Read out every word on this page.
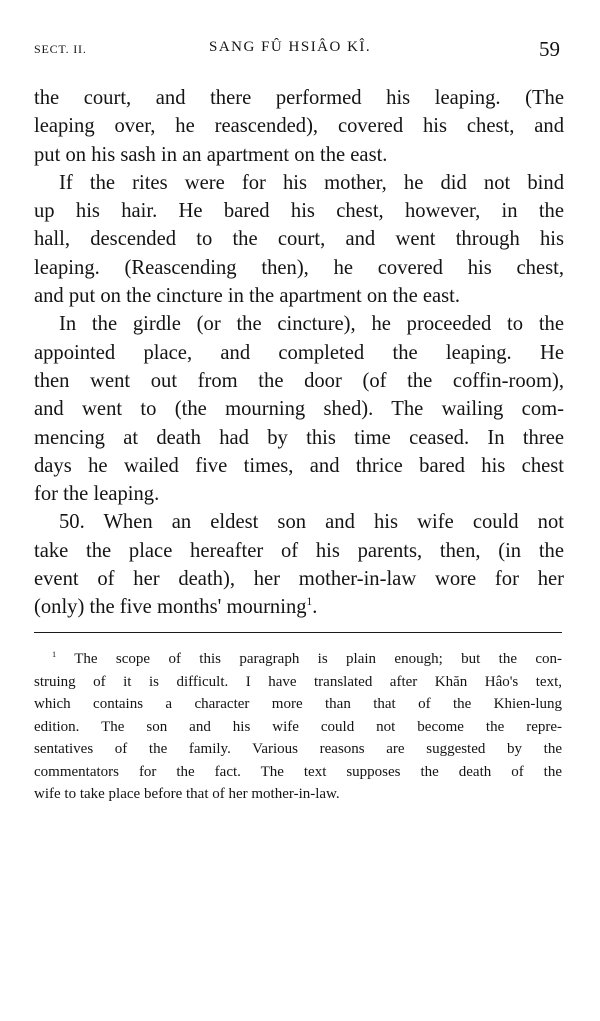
SECT. II.	SANG FÛ HSIÂO KÎ.	59
the court, and there performed his leaping. (The
leaping over, he reascended), covered his chest, and
put on his sash in an apartment on the east.
If the rites were for his mother, he did not bind
up his hair. He bared his chest, however, in the
hall, descended to the court, and went through his
leaping. (Reascending then), he covered his chest,
and put on the cincture in the apartment on the east.
In the girdle (or the cincture), he proceeded to the
appointed place, and completed the leaping. He
then went out from the door (of the coffin-room),
and went to (the mourning shed). The wailing com-
mencing at death had by this time ceased. In three
days he wailed five times, and thrice bared his chest
for the leaping.
50. When an eldest son and his wife could not
take the place hereafter of his parents, then, (in the
event of her death), her mother-in-law wore for her
(only) the five months' mourning$^1$.
$^1$ The scope of this paragraph is plain enough; but the con-
struing of it is difficult. I have translated after Khăn Hâo's text,
which contains a character more than that of the Khien-lung
edition. The son and his wife could not become the repre-
sentatives of the family. Various reasons are suggested by the
commentators for the fact. The text supposes the death of the
wife to take place before that of her mother-in-law.
